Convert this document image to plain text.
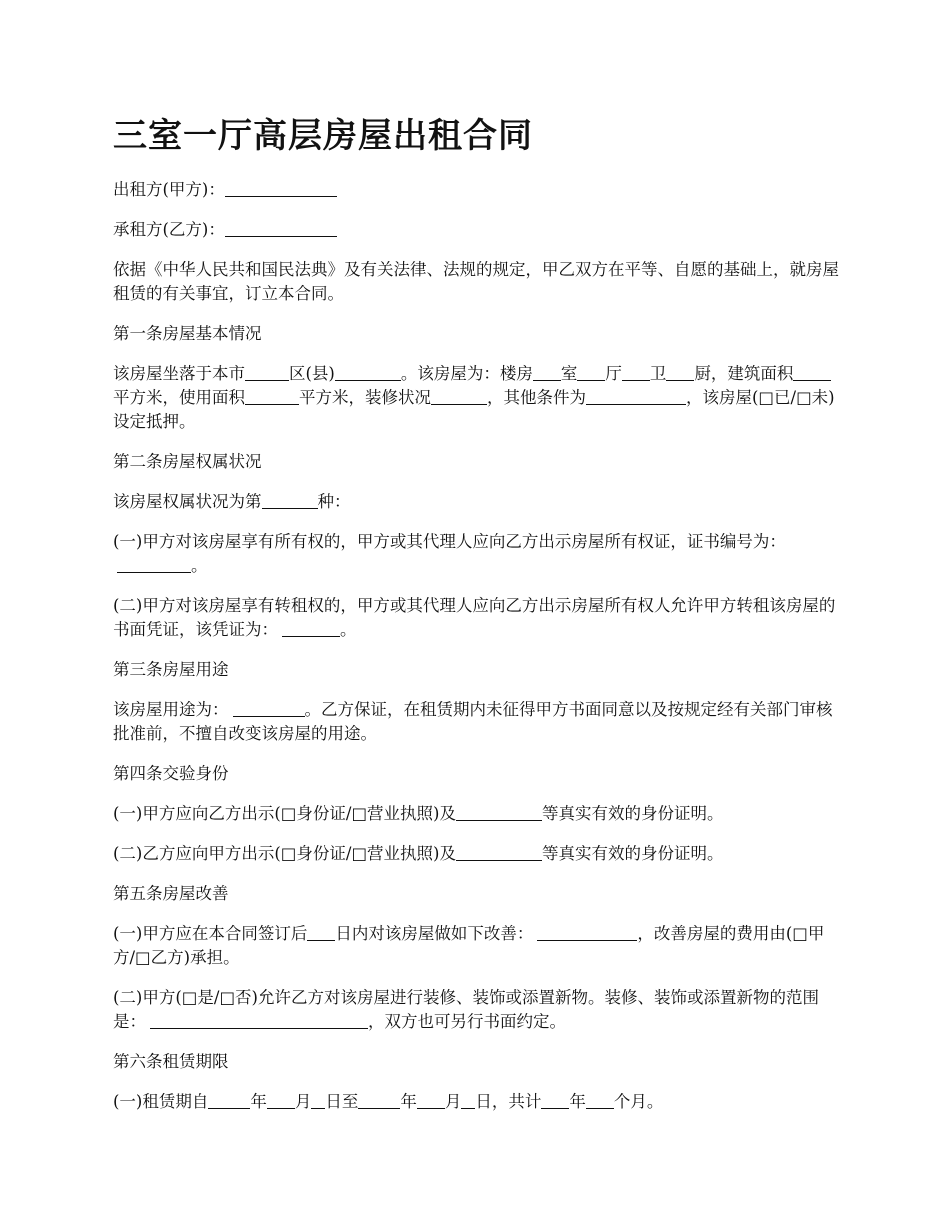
三室一厅高层房屋出租合同

出租方(甲方)：

承租方(乙方)：

依据《中华人民共和国民法典》及有关法律、法规的规定，甲乙双方在平等、自愿的基础上，就房屋租赁的有关事宜，订立本合同。

第一条房屋基本情况

该房屋坐落于本市	区(县)	。该房屋为：楼房 室 厅 卫 厨，建筑面积平方米，使用面积	平方米，装修状况	，其他条件为	，该房屋(□已/□未)设定抵押。

第二条房屋权属状况

该房屋权属状况为第	种：

(一)甲方对该房屋享有所有权的，甲方或其代理人应向乙方出示房屋所有权证，证书编号为：。

(二)甲方对该房屋享有转租权的，甲方或其代理人应向乙方出示房屋所有权人允许甲方转租该房屋的书面凭证，该凭证为：	。

第三条房屋用途

该房屋用途为：	。乙方保证，在租赁期内未征得甲方书面同意以及按规定经有关部门审核批准前，不擅自改变该房屋的用途。

第四条交验身份

(一)甲方应向乙方出示(□身份证/□营业执照)及	等真实有效的身份证明。

(二)乙方应向甲方出示(□身份证/□营业执照)及	等真实有效的身份证明。

第五条房屋改善

(一)甲方应在本合同签订后 日内对该房屋做如下改善：	，改善房屋的费用由(□甲方/□乙方)承担。

(二)甲方(□是/□否)允许乙方对该房屋进行装修、装饰或添置新物。装修、装饰或添置新物的范围是：	，双方也可另行书面约定。

第六条租赁期限

(一)租赁期自	年 月 日至	年 月 日，共计 年 个月。
